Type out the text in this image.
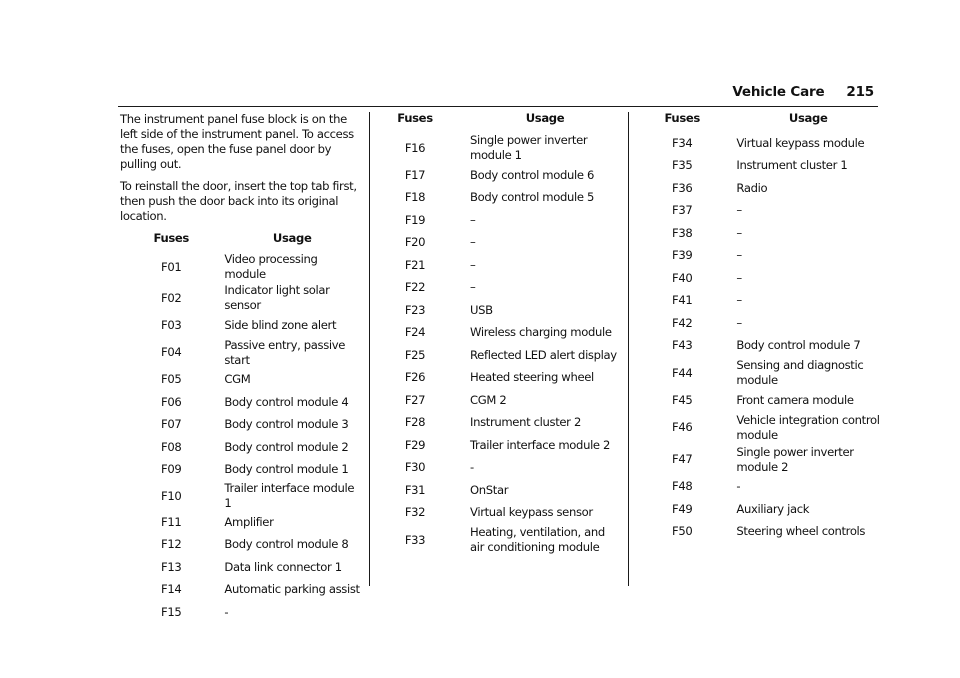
Vehicle Care 215

The instrument panel fuse block is on the left side of the instrument panel. To access the fuses, open the fuse panel door by pulling out.

To reinstall the door, insert the top tab first, then push the door back into its original location.

Fuses	Usage
F01	Video processing module
F02	Indicator light solar sensor
F03	Side blind zone alert
F04	Passive entry, passive start
F05	CGM
F06	Body control module 4
F07	Body control module 3
F08	Body control module 2
F09	Body control module 1
F10	Trailer interface module 1
F11	Amplifier
F12	Body control module 8
F13	Data link connector 1
F14	Automatic parking assist
F15	-
Fuses	Usage
F16	Single power inverter module 1
F17	Body control module 6
F18	Body control module 5
F19	–
F20	–
F21	–
F22	–
F23	USB
F24	Wireless charging module
F25	Reflected LED alert display
F26	Heated steering wheel
F27	CGM 2
F28	Instrument cluster 2
F29	Trailer interface module 2
F30	-
F31	OnStar
F32	Virtual keypass sensor
F33	Heating, ventilation, and air conditioning module
Fuses	Usage
F34	Virtual keypass module
F35	Instrument cluster 1
F36	Radio
F37	–
F38	–
F39	–
F40	–
F41	–
F42	–
F43	Body control module 7
F44	Sensing and diagnostic module
F45	Front camera module
F46	Vehicle integration control module
F47	Single power inverter module 2
F48	-
F49	Auxiliary jack
F50	Steering wheel controls
